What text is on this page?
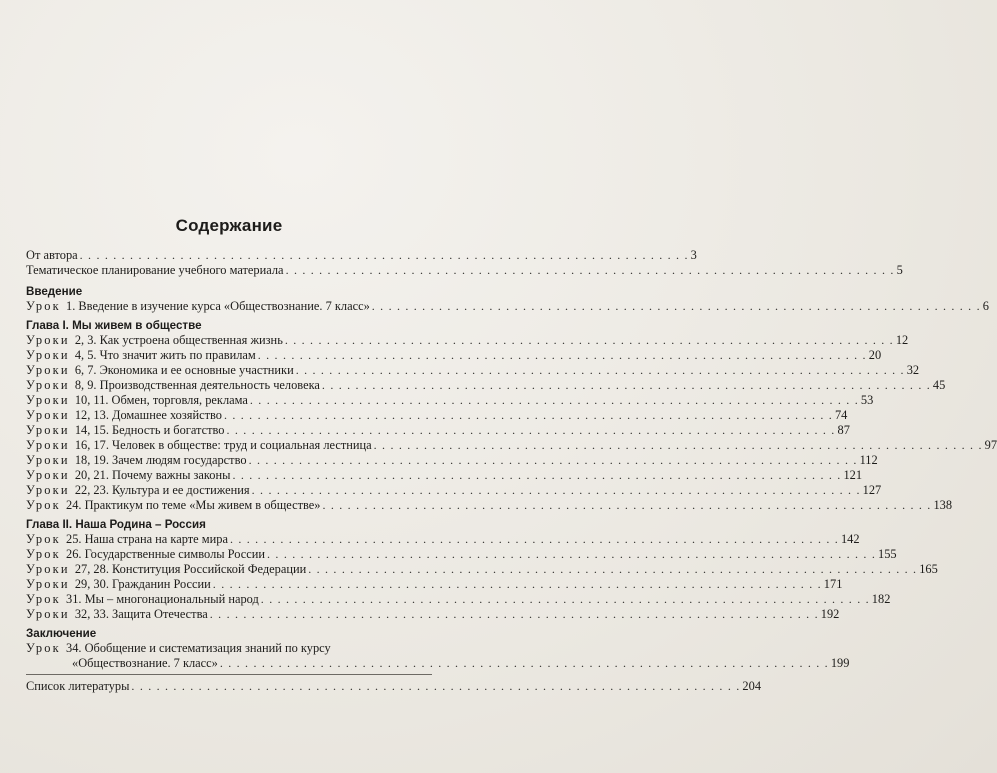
Содержание
От автора . . .	3
Тематическое планирование учебного материала . . .	5
Введение
Урок 1. Введение в изучение курса «Обществознание. 7 класс» . . .	6
Глава I. Мы живем в обществе
Уроки 2, 3. Как устроена общественная жизнь . . .	12
Уроки 4, 5. Что значит жить по правилам . . .	20
Уроки 6, 7. Экономика и ее основные участники . . .	32
Уроки 8, 9. Производственная деятельность человека . . .	45
Уроки 10, 11. Обмен, торговля, реклама . . .	53
Уроки 12, 13. Домашнее хозяйство . . .	74
Уроки 14, 15. Бедность и богатство . . .	87
Уроки 16, 17. Человек в обществе: труд и социальная лестница . . .	97
Уроки 18, 19. Зачем людям государство . . .	112
Уроки 20, 21. Почему важны законы . . .	121
Уроки 22, 23. Культура и ее достижения . . .	127
Урок 24. Практикум по теме «Мы живем в обществе» . . .	138
Глава II. Наша Родина – Россия
Урок 25. Наша страна на карте мира . . .	142
Урок 26. Государственные символы России . . .	155
Уроки 27, 28. Конституция Российской Федерации . . .	165
Уроки 29, 30. Гражданин России . . .	171
Урок 31. Мы – многонациональный народ . . .	182
Уроки 32, 33. Защита Отечества . . .	192
Заключение
Урок 34. Обобщение и систематизация знаний по курсу
«Обществознание. 7 класс» . . .	199
Список литературы . . .	204
